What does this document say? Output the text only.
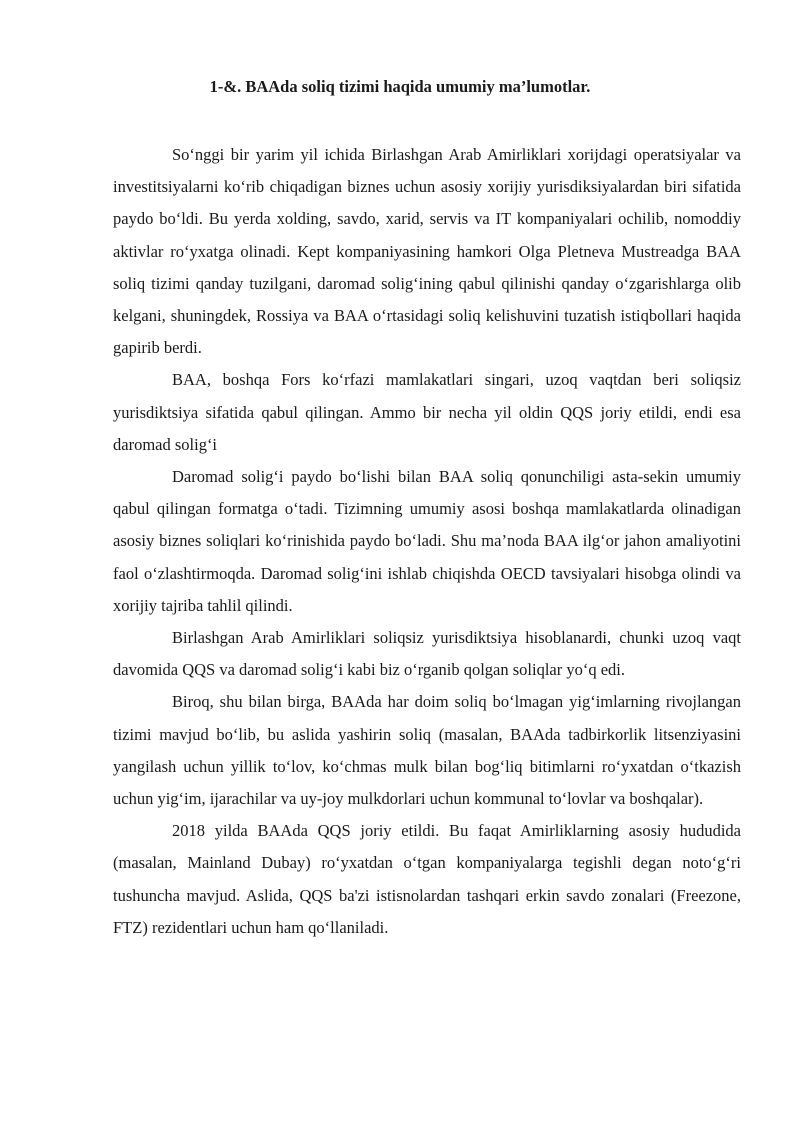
1-&. BAAda soliq tizimi haqida umumiy ma’lumotlar.

So‘nggi bir yarim yil ichida Birlashgan Arab Amirliklari xorijdagi operatsiyalar va investitsiyalarni ko‘rib chiqadigan biznes uchun asosiy xorijiy yurisdiksiyalardan biri sifatida paydo bo‘ldi. Bu yerda xolding, savdo, xarid, servis va IT kompaniyalari ochilib, nomoddiy aktivlar ro‘yxatga olinadi. Kept kompaniyasining hamkori Olga Pletneva Mustreadga BAA soliq tizimi qanday tuzilgani, daromad solig‘ining qabul qilinishi qanday o‘zgarishlarga olib kelgani, shuningdek, Rossiya va BAA o‘rtasidagi soliq kelishuvini tuzatish istiqbollari haqida gapirib berdi.

BAA, boshqa Fors ko‘rfazi mamlakatlari singari, uzoq vaqtdan beri soliqsiz yurisdiktsiya sifatida qabul qilingan. Ammo bir necha yil oldin QQS joriy etildi, endi esa daromad solig‘i

Daromad solig‘i paydo bo‘lishi bilan BAA soliq qonunchiligi asta-sekin umumiy qabul qilingan formatga o‘tadi. Tizimning umumiy asosi boshqa mamlakatlarda olinadigan asosiy biznes soliqlari ko‘rinishida paydo bo‘ladi. Shu ma’noda BAA ilg‘or jahon amaliyotini faol o‘zlashtirmoqda. Daromad solig‘ini ishlab chiqishda OECD tavsiyalari hisobga olindi va xorijiy tajriba tahlil qilindi.

Birlashgan Arab Amirliklari soliqsiz yurisdiktsiya hisoblanardi, chunki uzoq vaqt davomida QQS va daromad solig‘i kabi biz o‘rganib qolgan soliqlar yo‘q edi.

Biroq, shu bilan birga, BAAda har doim soliq bo‘lmagan yig‘imlarning rivojlangan tizimi mavjud bo‘lib, bu aslida yashirin soliq (masalan, BAAda tadbirkorlik litsenziyasini yangilash uchun yillik to‘lov, ko‘chmas mulk bilan bog‘liq bitimlarni ro‘yxatdan o‘tkazish uchun yig‘im, ijarachilar va uy-joy mulkdorlari uchun kommunal to‘lovlar va boshqalar).

2018 yilda BAAda QQS joriy etildi. Bu faqat Amirliklarning asosiy hududida (masalan, Mainland Dubay) ro‘yxatdan o‘tgan kompaniyalarga tegishli degan noto‘g‘ri tushuncha mavjud. Aslida, QQS ba'zi istisnolardan tashqari erkin savdo zonalari (Freezone, FTZ) rezidentlari uchun ham qo‘llaniladi.
